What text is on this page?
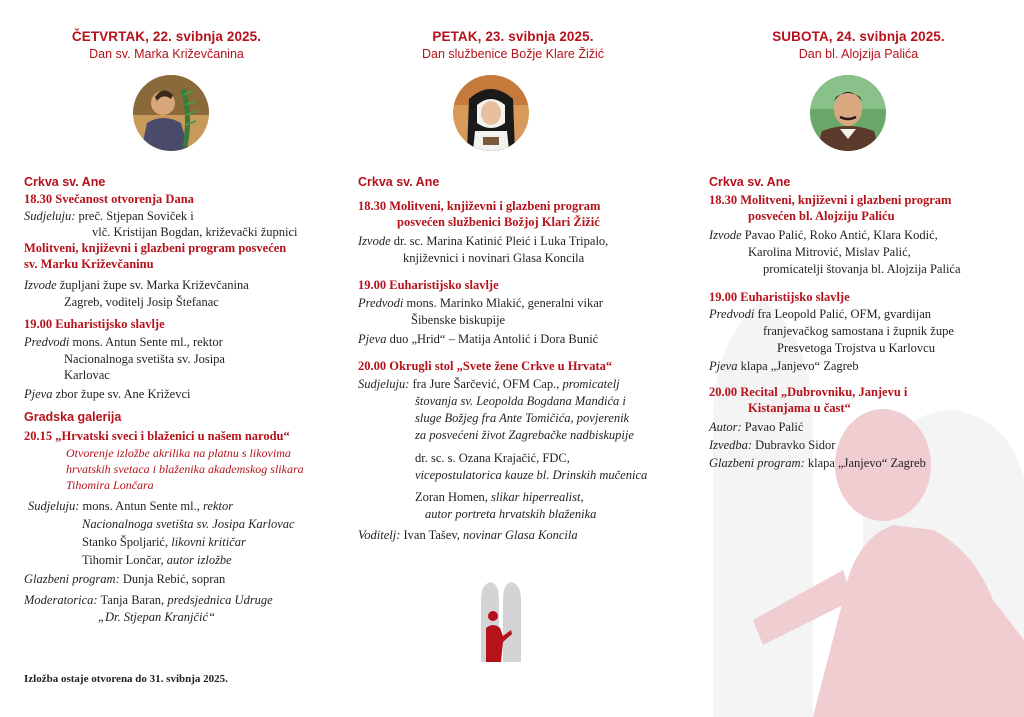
ČETVRTAK, 22. svibnja 2025.
Dan sv. Marka Križevčanina
Crkva sv. Ane
18.30 Svečanost otvorenja Dana
Sudjeluju: preč. Stjepan Soviček i
vlč. Kristijan Bogdan, križevački župnici
Molitveni, književni i glazbeni program posvećen
sv. Marku Križevčaninu
Izvode župljani župe sv. Marka Križevčanina
Zagreb, voditelj Josip Štefanac
19.00 Euharistijsko slavlje
Predvodi mons. Antun Sente ml., rektor
Nacionalnoga svetišta sv. Josipa
Karlovac
Pjeva zbor župe sv. Ane Križevci
Gradska galerija
20.15 „Hrvatski sveci i blaženici u našem narodu“
Otvorenje izložbe akrilika na platnu s likovima
hrvatskih svetaca i blaženika akademskog slikara
Tihomira Lončara
Sudjeluju: mons. Antun Sente ml., rektor
Nacionalnoga svetišta sv. Josipa Karlovac
Stanko Špoljarić, likovni kritičar
Tihomir Lončar, autor izložbe
Glazbeni program: Dunja Rebić, sopran
Moderatorica: Tanja Baran, predsjednica Udruge
„Dr. Stjepan Kranjčić“
Izložba ostaje otvorena do 31. svibnja 2025.
PETAK, 23. svibnja 2025.
Dan službenice Božje Klare Žižić
Crkva sv. Ane
18.30 Molitveni, književni i glazbeni program
posvećen službenici Božjoj Klari Žižić
Izvode dr. sc. Marina Katinić Pleić i Luka Tripalo,
književnici i novinari Glasa Koncila
19.00 Euharistijsko slavlje
Predvodi mons. Marinko Mlakić, generalni vikar
Šibenske biskupije
Pjeva duo „Hrid“ – Matija Antolić i Dora Bunić
20.00 Okrugli stol „Svete žene Crkve u Hrvata“
Sudjeluju: fra Jure Šarčević, OFM Cap., promicatelj
štovanja sv. Leopolda Bogdana Mandića i
sluge Božjeg fra Ante Tomičića, povjerenik
za posvećeni život Zagrebačke nadbiskupije
dr. sc. s. Ozana Krajačić, FDC,
vicepostulatorica kauze bl. Drinskih mučenica
Zoran Homen, slikar hiperrealist,
autor portreta hrvatskih blaženika
Voditelj: Ivan Tašev, novinar Glasa Koncila
SUBOTA, 24. svibnja 2025.
Dan bl. Alojzija Palića
Crkva sv. Ane
18.30 Molitveni, književni i glazbeni program
posvećen bl. Alojziju Paliću
Izvode Pavao Palić, Roko Antić, Klara Kodić,
Karolina Mitrović, Mislav Palić,
promicatelji štovanja bl. Alojzija Palića
19.00 Euharistijsko slavlje
Predvodi fra Leopold Palić, OFM, gvardijan
franjevačkog samostana i župnik župe
Presvetoga Trojstva u Karlovcu
Pjeva klapa „Janjevo“ Zagreb
20.00 Recital „Dubrovniku, Janjevu i
Kistanjama u čast“
Autor: Pavao Palić
Izvedba: Dubravko Sidor
Glazbeni program: klapa „Janjevo“ Zagreb
